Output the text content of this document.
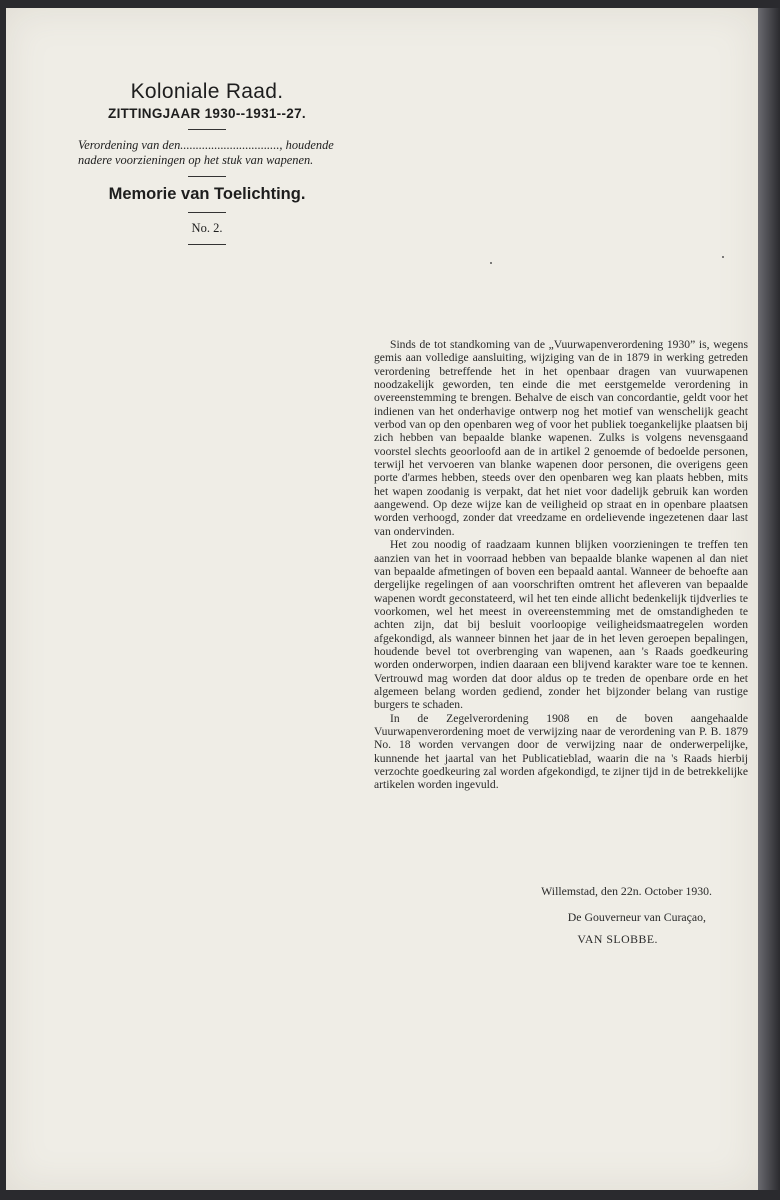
Koloniale Raad.
ZITTINGJAAR 1930--1931--27.

Verordening van den................................, houdende nadere voorzieningen op het stuk van wapenen.

Memorie van Toelichting.
No. 2.

Sinds de tot standkoming van de „Vuurwapenverordening 1930” is, wegens gemis aan volledige aansluiting, wijziging van de in 1879 in werking getreden verordening betreffende het in het openbaar dragen van vuurwapenen noodzakelijk geworden, ten einde die met eerstgemelde verordening in overeenstemming te brengen. Behalve de eisch van concordantie, geldt voor het indienen van het onderhavige ontwerp nog het motief van wenschelijk geacht verbod van op den openbaren weg of voor het publiek toegankelijke plaatsen bij zich hebben van bepaalde blanke wapenen. Zulks is volgens nevensgaand voorstel slechts geoorloofd aan de in artikel 2 genoemde of bedoelde personen, terwijl het vervoeren van blanke wapenen door personen, die overigens geen porte d'armes hebben, steeds over den openbaren weg kan plaats hebben, mits het wapen zoodanig is verpakt, dat het niet voor dadelijk gebruik kan worden aangewend. Op deze wijze kan de veiligheid op straat en in openbare plaatsen worden verhoogd, zonder dat vreedzame en ordelievende ingezetenen daar last van ondervinden.

Het zou noodig of raadzaam kunnen blijken voorzieningen te treffen ten aanzien van het in voorraad hebben van bepaalde blanke wapenen al dan niet van bepaalde afmetingen of boven een bepaald aantal. Wanneer de behoefte aan dergelijke regelingen of aan voorschriften omtrent het afleveren van bepaalde wapenen wordt geconstateerd, wil het ten einde allicht bedenkelijk tijdverlies te voorkomen, wel het meest in overeenstemming met de omstandigheden te achten zijn, dat bij besluit voorloopige veiligheidsmaatregelen worden afgekondigd, als wanneer binnen het jaar de in het leven geroepen bepalingen, houdende bevel tot overbrenging van wapenen, aan 's Raads goedkeuring worden onderworpen, indien daaraan een blijvend karakter ware toe te kennen. Vertrouwd mag worden dat door aldus op te treden de openbare orde en het algemeen belang worden gediend, zonder het bijzonder belang van rustige burgers te schaden.

In de Zegelverordening 1908 en de boven aangehaalde Vuurwapenverordening moet de verwijzing naar de verordening van P. B. 1879 No. 18 worden vervangen door de verwijzing naar de onderwerpelijke, kunnende het jaartal van het Publicatieblad, waarin die na 's Raads hierbij verzochte goedkeuring zal worden afgekondigd, te zijner tijd in de betrekkelijke artikelen worden ingevuld.

Willemstad, den 22n. October 1930.
De Gouverneur van Curaçao,
VAN SLOBBE.
